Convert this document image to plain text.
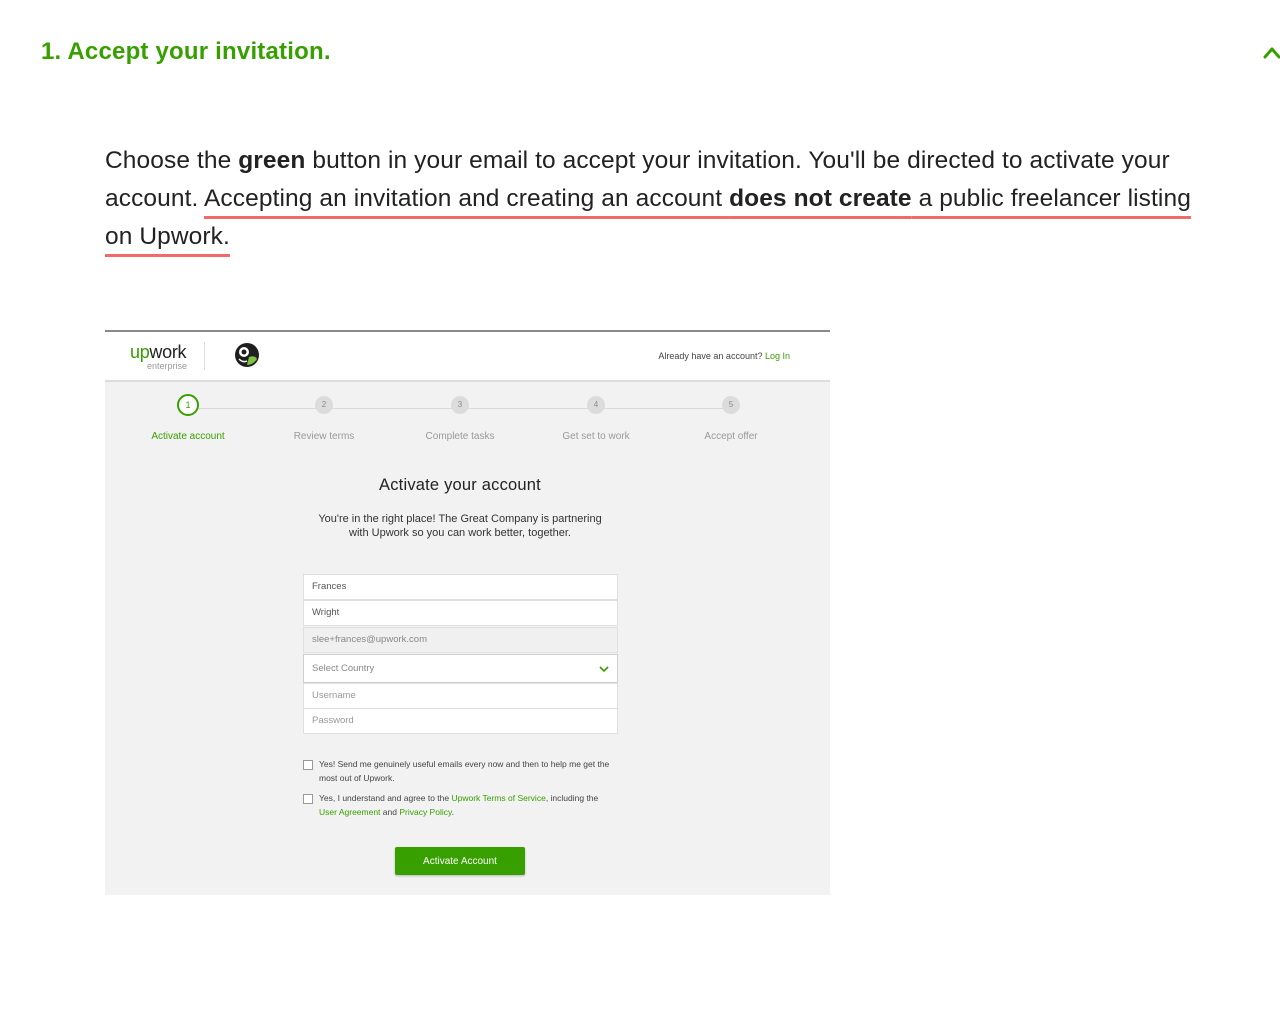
1. Accept your invitation.

Choose the green button in your email to accept your invitation. You'll be directed to activate your account. Accepting an invitation and creating an account does not create a public freelancer listing on Upwork.

upwork
enterprise
Already have an account? Log In
1
Activate account
2
Review terms
3
Complete tasks
4
Get set to work
5
Accept offer
Activate your account
You're in the right place! The Great Company is partnering with Upwork so you can work better, together.
Frances
Wright
slee+frances@upwork.com
Select Country
Username
Password
Yes! Send me genuinely useful emails every now and then to help me get the most out of Upwork.
Yes, I understand and agree to the Upwork Terms of Service, including the User Agreement and Privacy Policy.
Activate Account
